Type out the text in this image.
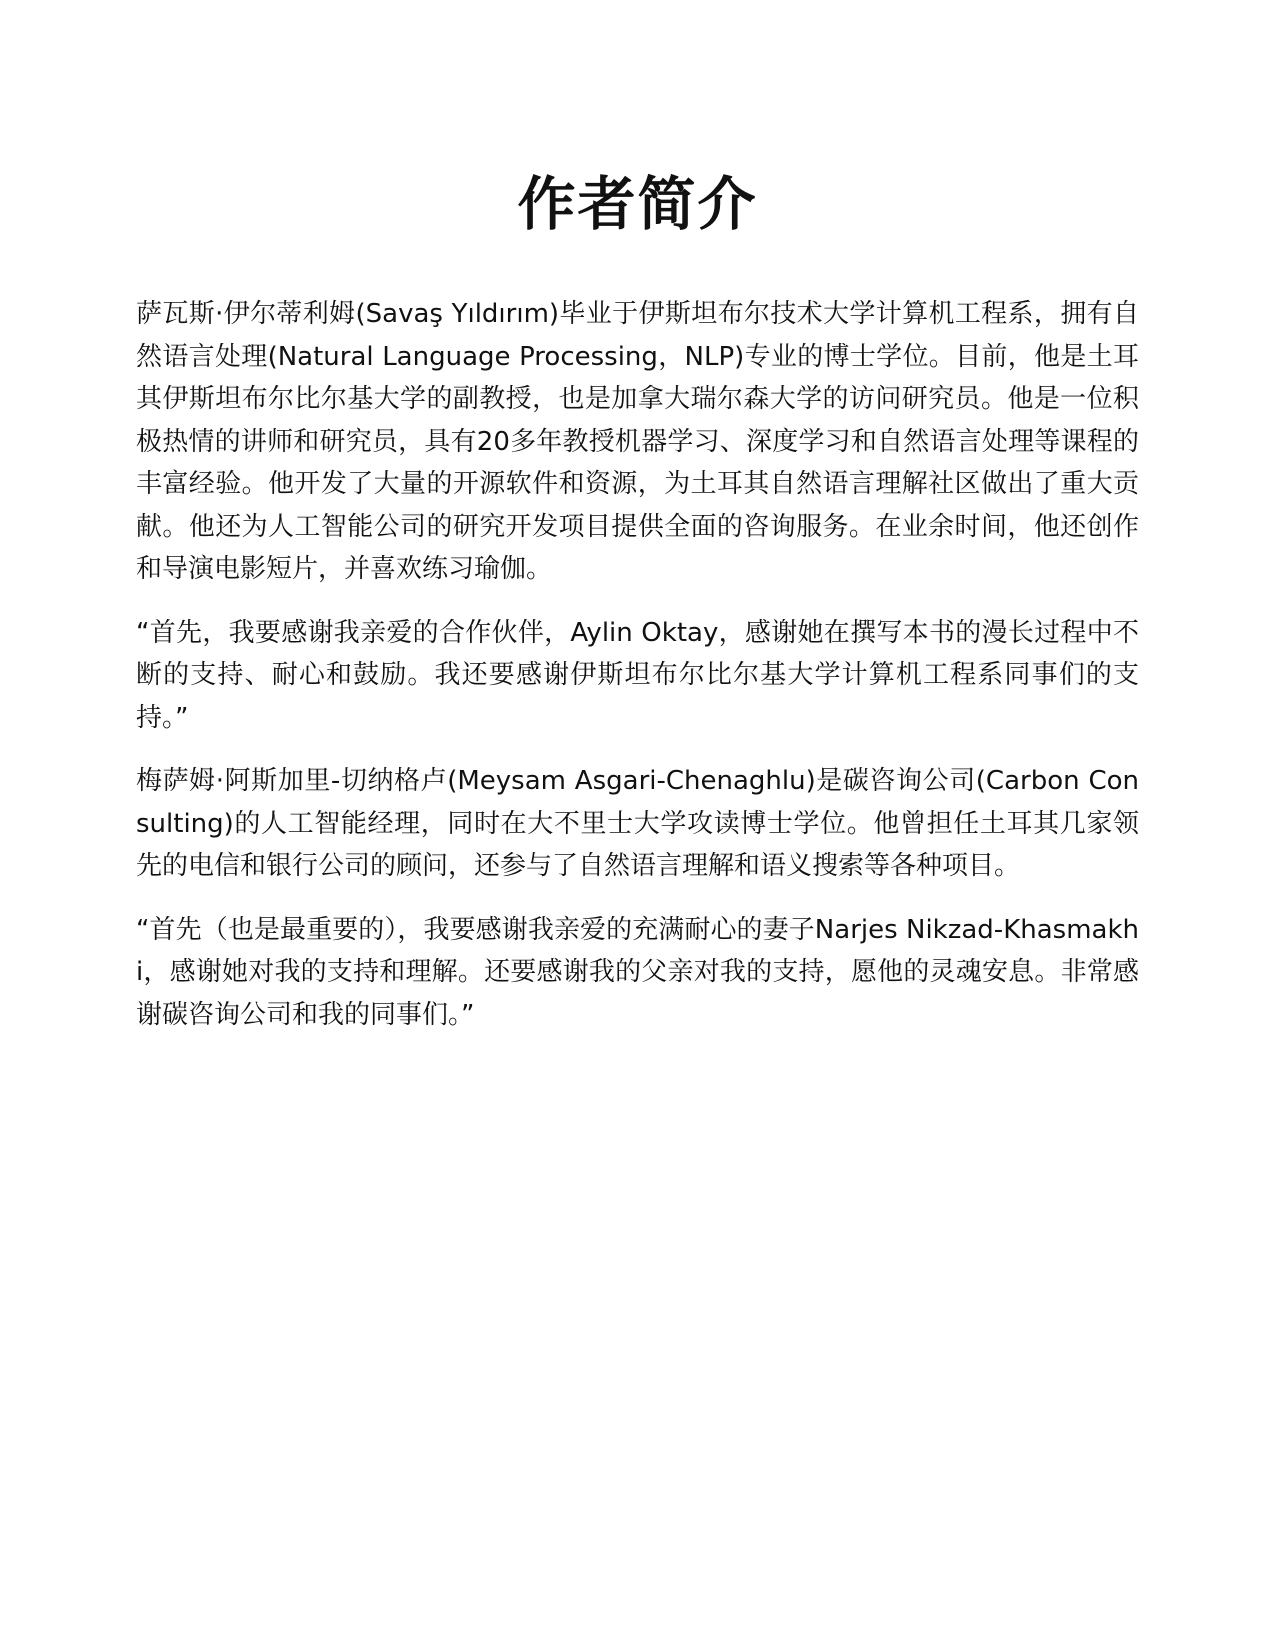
作者简介

萨瓦斯·伊尔蒂利姆(Savaş Yıldırım)毕业于伊斯坦布尔技术大学计算机工程系，拥有自然语言处理(Natural Language Processing，NLP)专业的博士学位。目前，他是土耳其伊斯坦布尔比尔基大学的副教授，也是加拿大瑞尔森大学的访问研究员。他是一位积极热情的讲师和研究员，具有20多年教授机器学习、深度学习和自然语言处理等课程的丰富经验。他开发了大量的开源软件和资源，为土耳其自然语言理解社区做出了重大贡献。他还为人工智能公司的研究开发项目提供全面的咨询服务。在业余时间，他还创作和导演电影短片，并喜欢练习瑜伽。

“首先，我要感谢我亲爱的合作伙伴，Aylin Oktay，感谢她在撰写本书的漫长过程中不断的支持、耐心和鼓励。我还要感谢伊斯坦布尔比尔基大学计算机工程系同事们的支持。”

梅萨姆·阿斯加里-切纳格卢(Meysam Asgari-Chenaghlu)是碳咨询公司(Carbon Consulting)的人工智能经理，同时在大不里士大学攻读博士学位。他曾担任土耳其几家领先的电信和银行公司的顾问，还参与了自然语言理解和语义搜索等各种项目。

“首先（也是最重要的），我要感谢我亲爱的充满耐心的妻子Narjes Nikzad-Khasmakhi，感谢她对我的支持和理解。还要感谢我的父亲对我的支持，愿他的灵魂安息。非常感谢碳咨询公司和我的同事们。”
